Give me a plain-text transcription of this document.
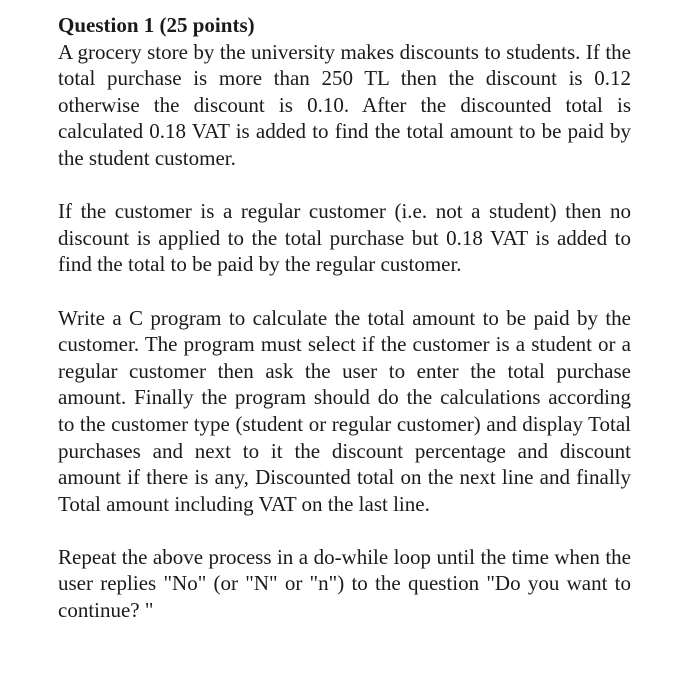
Question 1 (25 points)

A grocery store by the university makes discounts to students. If the total purchase is more than 250 TL then the discount is 0.12 otherwise the discount is 0.10. After the discounted total is calculated 0.18 VAT is added to find the total amount to be paid by the student customer.

If the customer is a regular customer (i.e. not a student) then no discount is applied to the total purchase but 0.18 VAT is added to find the total to be paid by the regular customer.

Write a C program to calculate the total amount to be paid by the customer. The program must select if the customer is a student or a regular customer then ask the user to enter the total purchase amount. Finally the program should do the calculations according to the customer type (student or regular customer) and display Total purchases and next to it the discount percentage and discount amount if there is any, Discounted total on the next line and finally Total amount including VAT on the last line.

Repeat the above process in a do-while loop until the time when the user replies "No" (or "N" or "n") to the question "Do you want to continue? "
